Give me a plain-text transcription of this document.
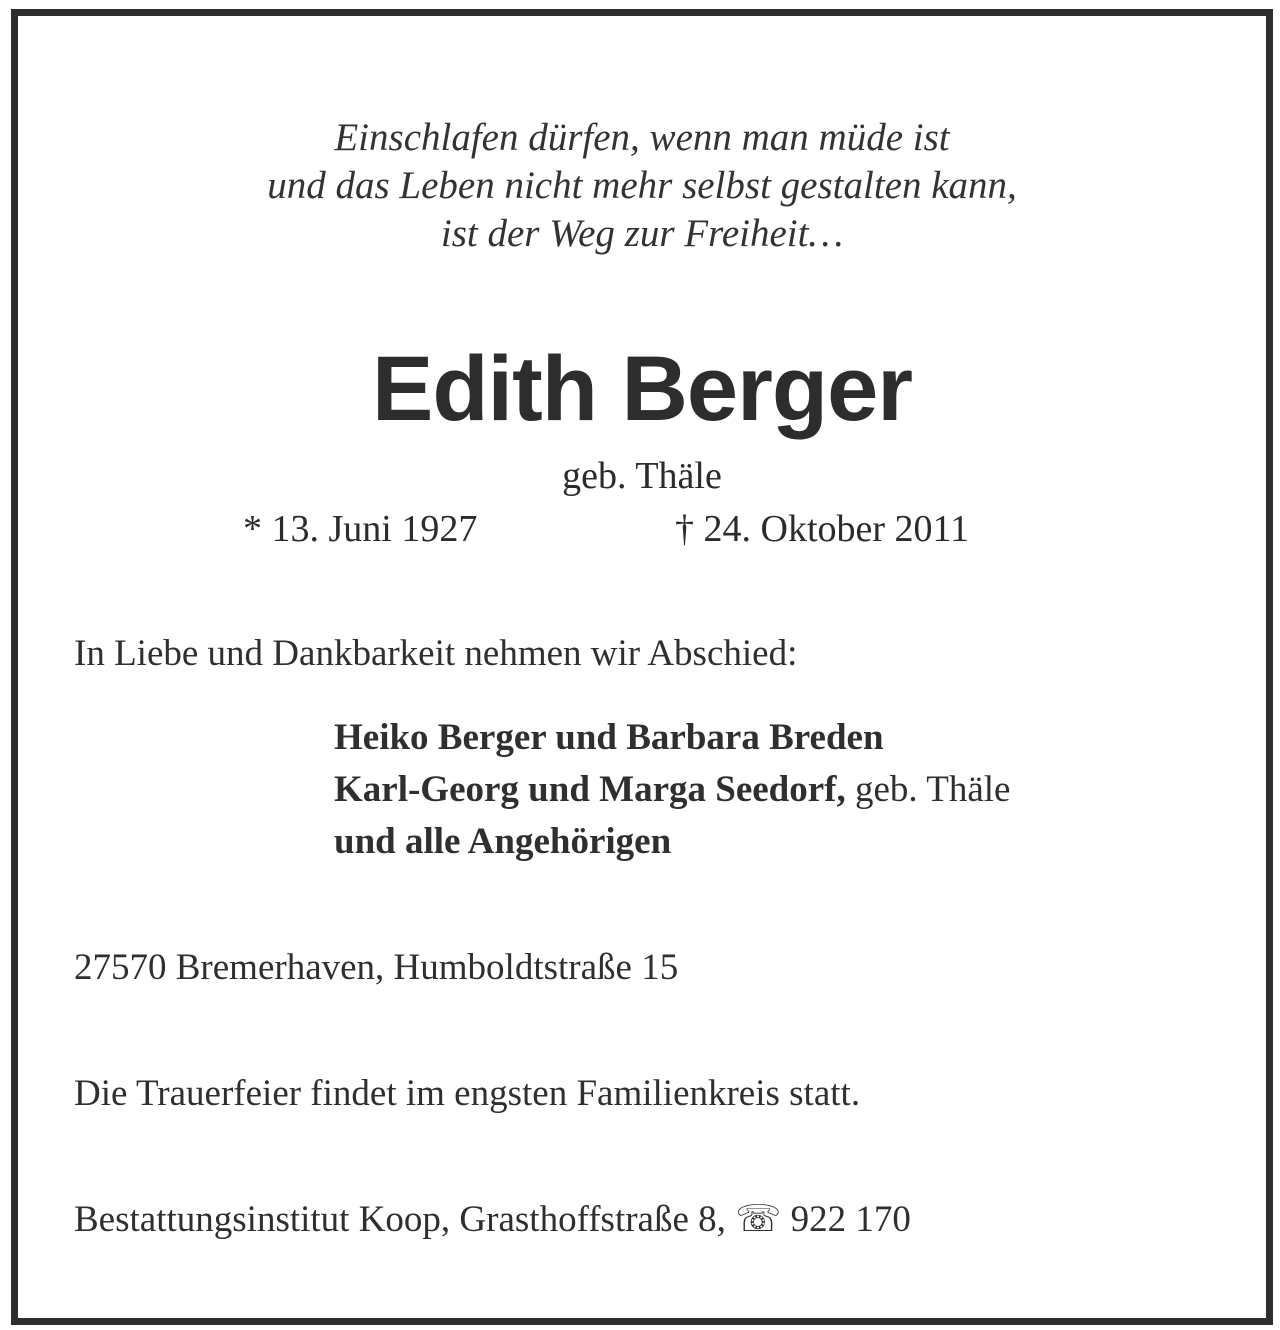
Einschlafen dürfen, wenn man müde ist
und das Leben nicht mehr selbst gestalten kann,
ist der Weg zur Freiheit…
Edith Berger
geb. Thäle
* 13. Juni 1927	† 24. Oktober 2011
In Liebe und Dankbarkeit nehmen wir Abschied:
Heiko Berger und Barbara Breden
Karl-Georg und Marga Seedorf, geb. Thäle
und alle Angehörigen
27570 Bremerhaven, Humboldtstraße 15
Die Trauerfeier findet im engsten Familienkreis statt.
Bestattungsinstitut Koop, Grasthoffstraße 8, ☏ 922 170
